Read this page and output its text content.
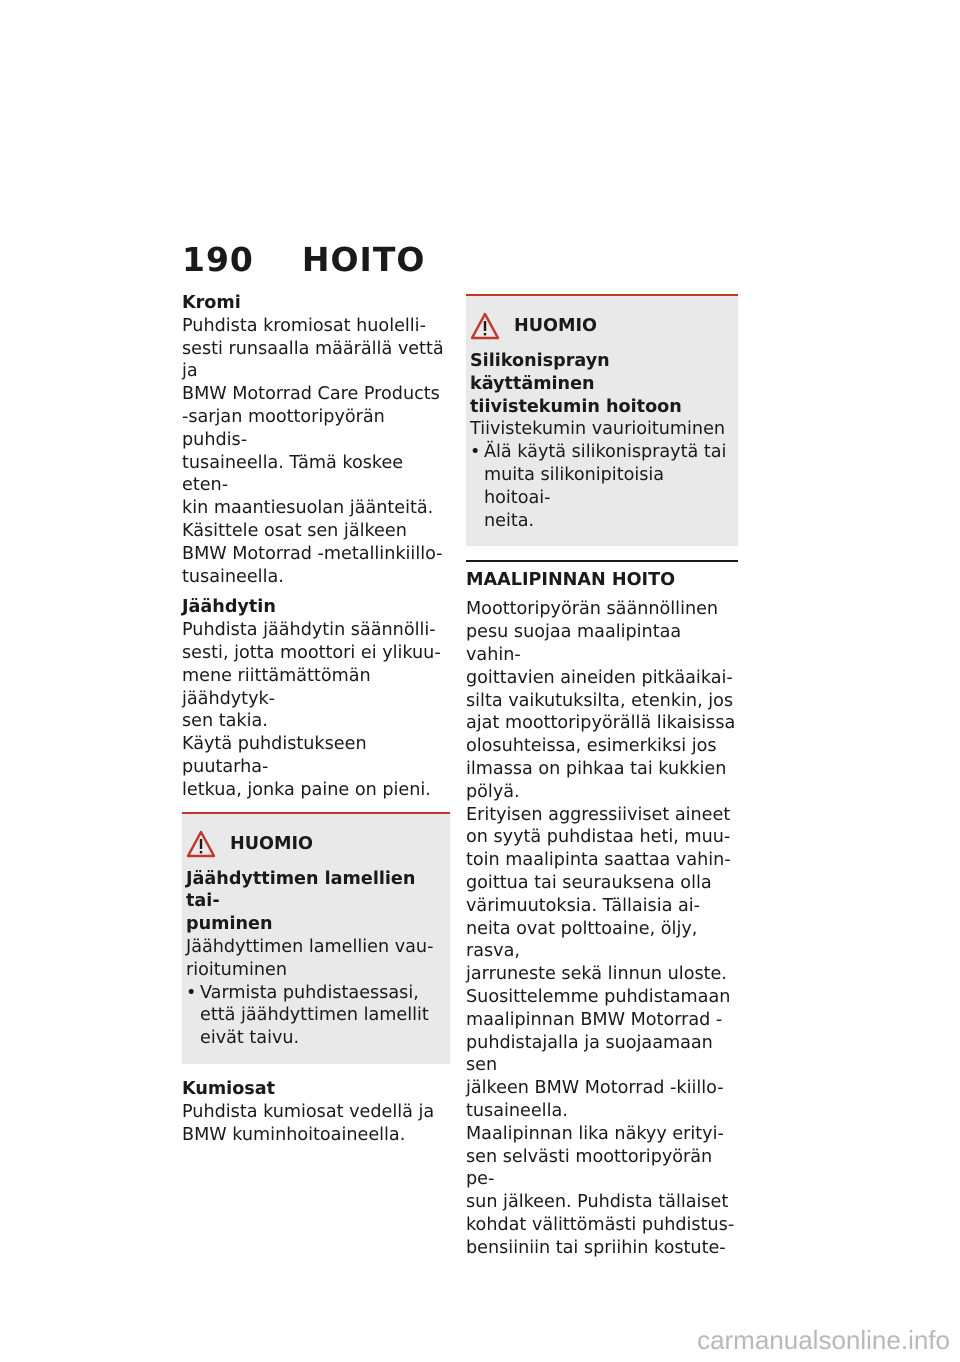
190 HOITO

Kromi

Puhdista kromiosat huolelli-

sesti runsaalla määrällä vettä ja

BMW Motorrad Care Products

-sarjan moottoripyörän puhdis-

tusaineella. Tämä koskee eten-

kin maantiesuolan jäänteitä.

Käsittele osat sen jälkeen

BMW Motorrad -metallinkiillo-

tusaineella.

Jäähdytin

Puhdista jäähdytin säännölli-

sesti, jotta moottori ei ylikuu-

mene riittämättömän jäähdytyk-

sen takia.

Käytä puhdistukseen puutarha-

letkua, jonka paine on pieni.

HUOMIO

Jäähdyttimen lamellien tai-

puminen

Jäähdyttimen lamellien vau-

rioituminen

• Varmista puhdistaessasi,

että jäähdyttimen lamellit

eivät taivu.

Kumiosat

Puhdista kumiosat vedellä ja

BMW kuminhoitoaineella.

HUOMIO

Silikonisprayn käyttäminen

tiivistekumin hoitoon

Tiivistekumin vaurioituminen

• Älä käytä silikonispraytä tai

muita silikonipitoisia hoitoai-

neita.

MAALIPINNAN HOITO

Moottoripyörän säännöllinen

pesu suojaa maalipintaa vahin-

goittavien aineiden pitkäaikai-

silta vaikutuksilta, etenkin, jos

ajat moottoripyörällä likaisissa

olosuhteissa, esimerkiksi jos

ilmassa on pihkaa tai kukkien

pölyä.

Erityisen aggressiiviset aineet

on syytä puhdistaa heti, muu-

toin maalipinta saattaa vahin-

goittua tai seurauksena olla

värimuutoksia. Tällaisia ai-

neita ovat polttoaine, öljy, rasva,

jarruneste sekä linnun uloste.

Suosittelemme puhdistamaan

maalipinnan BMW Motorrad -

puhdistajalla ja suojaamaan sen

jälkeen BMW Motorrad -kiillo-

tusaineella.

Maalipinnan lika näkyy erityi-

sen selvästi moottoripyörän pe-

sun jälkeen. Puhdista tällaiset

kohdat välittömästi puhdistus-

bensiiniin tai spriihin kostute-

carmanualsonline.info
